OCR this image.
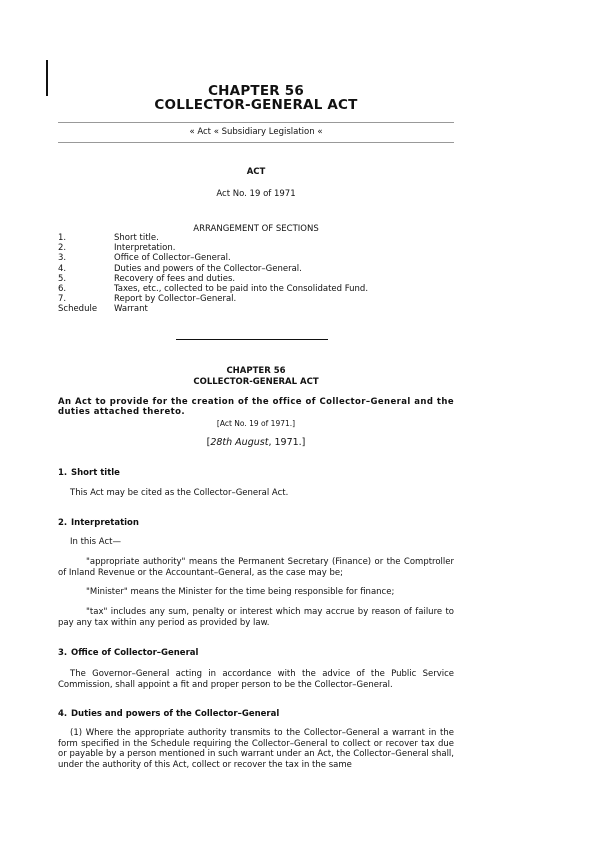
CHAPTER 56
COLLECTOR-GENERAL ACT
« Act « Subsidiary Legislation «
ACT
Act No. 19 of 1971
ARRANGEMENT OF SECTIONS
1.	Short title.
2.	Interpretation.
3.	Office of Collector–General.
4.	Duties and powers of the Collector–General.
5.	Recovery of fees and duties.
6.	Taxes, etc., collected to be paid into the Consolidated Fund.
7.	Report by Collector–General.
Schedule Warrant
CHAPTER 56
COLLECTOR-GENERAL ACT
An Act to provide for the creation of the office of Collector–General and the duties attached thereto.
[Act No. 19 of 1971.]
[28th August, 1971.]
1. Short title
This Act may be cited as the Collector–General Act.
2. Interpretation
In this Act—
"appropriate authority" means the Permanent Secretary (Finance) or the Comptroller of Inland Revenue or the Accountant–General, as the case may be;
"Minister" means the Minister for the time being responsible for finance;
"tax" includes any sum, penalty or interest which may accrue by reason of failure to pay any tax within any period as provided by law.
3. Office of Collector–General
The Governor–General acting in accordance with the advice of the Public Service Commission, shall appoint a fit and proper person to be the Collector–General.
4. Duties and powers of the Collector–General
(1) Where the appropriate authority transmits to the Collector–General a warrant in the form specified in the Schedule requiring the Collector–General to collect or recover tax due or payable by a person mentioned in such warrant under an Act, the Collector–General shall, under the authority of this Act, collect or recover the tax in the same
